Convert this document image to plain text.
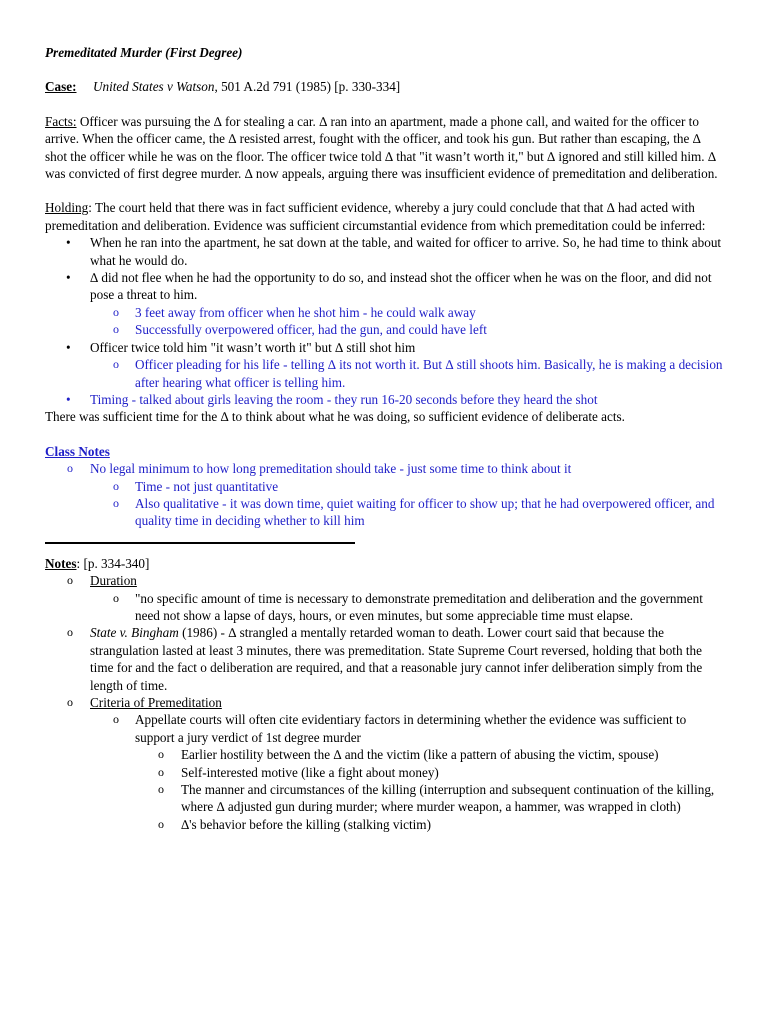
Premeditated Murder (First Degree)

Case: United States v Watson, 501 A.2d 791 (1985) [p. 330-334]

Facts: Officer was pursuing the ∆ for stealing a car. ∆ ran into an apartment, made a phone call, and waited for the officer to arrive. When the officer came, the ∆ resisted arrest, fought with the officer, and took his gun. But rather than escaping, the ∆ shot the officer while he was on the floor. The officer twice told ∆ that "it wasn’t worth it," but ∆ ignored and still killed him. ∆ was convicted of first degree murder. ∆ now appeals, arguing there was insufficient evidence of premeditation and deliberation.

Holding: The court held that there was in fact sufficient evidence, whereby a jury could conclude that that ∆ had acted with premeditation and deliberation. Evidence was sufficient circumstantial evidence from which premeditation could be inferred:

• When he ran into the apartment, he sat down at the table, and waited for officer to arrive. So, he had time to think about what he would do.
• ∆ did not flee when he had the opportunity to do so, and instead shot the officer when he was on the floor, and did not pose a threat to him.
o 3 feet away from officer when he shot him - he could walk away
o Successfully overpowered officer, had the gun, and could have left
• Officer twice told him "it wasn’t worth it" but ∆ still shot him
o Officer pleading for his life - telling ∆ its not worth it. But ∆ still shoots him. Basically, he is making a decision after hearing what officer is telling him.
• Timing - talked about girls leaving the room - they run 16-20 seconds before they heard the shot

There was sufficient time for the ∆ to think about what he was doing, so sufficient evidence of deliberate acts.

Class Notes

o No legal minimum to how long premeditation should take - just some time to think about it
o Time - not just quantitative
o Also qualitative - it was down time, quiet waiting for officer to show up; that he had overpowered officer, and quality time in deciding whether to kill him

Notes: [p. 334-340]

o Duration
o "no specific amount of time is necessary to demonstrate premeditation and deliberation and the government need not show a lapse of days, hours, or even minutes, but some appreciable time must elapse.
o State v. Bingham (1986) - ∆ strangled a mentally retarded woman to death. Lower court said that because the strangulation lasted at least 3 minutes, there was premeditation. State Supreme Court reversed, holding that both the time for and the fact o deliberation are required, and that a reasonable jury cannot infer deliberation simply from the length of time.
o Criteria of Premeditation
o Appellate courts will often cite evidentiary factors in determining whether the evidence was sufficient to support a jury verdict of 1st degree murder
o Earlier hostility between the ∆ and the victim (like a pattern of abusing the victim, spouse)
o Self-interested motive (like a fight about money)
o The manner and circumstances of the killing (interruption and subsequent continuation of the killing, where ∆ adjusted gun during murder; where murder weapon, a hammer, was wrapped in cloth)
o ∆'s behavior before the killing (stalking victim)
